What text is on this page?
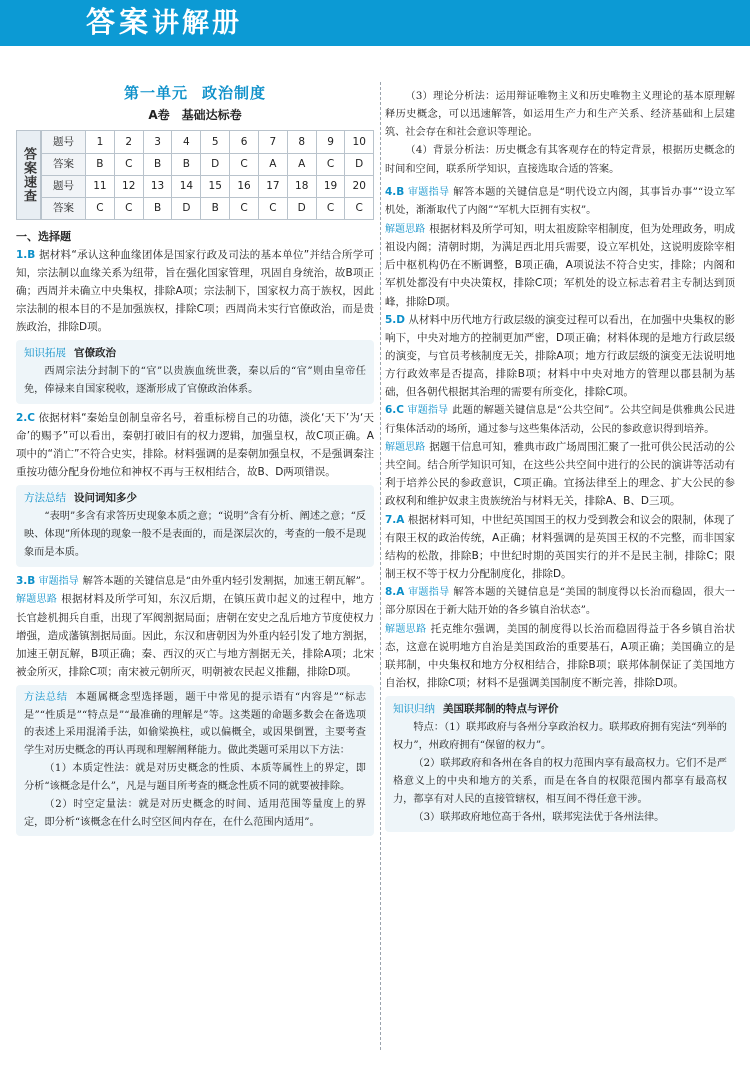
答案讲解册
第一单元 政治制度
A卷 基础达标卷
答案速查
题号	1	2	3	4	5	6	7	8	9	10
答案	B	C	B	B	D	C	A	A	C	D
题号	11	12	13	14	15	16	17	18	19	20
答案	C	C	B	D	B	C	C	D	C	C
一、选择题

1.B 据材料“承认这种血缘团体是国家行政及司法的基本单位”并结合所学可知，宗法制以血缘关系为纽带，旨在强化国家管理，巩固自身统治，故B项正确；西周并未确立中央集权，排除A项；宗法制下，国家权力高于族权，因此宗法制的根本目的不是加强族权，排除C项；西周尚未实行官僚政治，而是贵族政治，排除D项。

知识拓展 官僚政治

西周宗法分封制下的“官”以贵族血统世袭，秦以后的“官”则由皇帝任免，俸禄来自国家税收，逐渐形成了官僚政治体系。

2.C 依据材料“秦始皇创制皇帝名号，着重标榜自己的功德，淡化‘天下’为‘天命’的赐予”可以看出，秦朝打破旧有的权力逻辑，加强皇权，故C项正确。A项中的“消亡”不符合史实，排除。材料强调的是秦朝加强皇权，不是强调秦注重按功德分配身份地位和神权不再与王权相结合，故B、D两项错误。

方法总结 设问词知多少

“表明”多含有求答历史现象本质之意；“说明”含有分析、阐述之意；“反映、体现”所体现的现象一般不是表面的，而是深层次的，考查的一般不是现象而是本质。

3.B 审题指导 解答本题的关键信息是“由外重内轻引发割据，加速王朝瓦解”。

解题思路 根据材料及所学可知，东汉后期，在镇压黄巾起义的过程中，地方长官趁机拥兵自重，出现了军阀割据局面；唐朝在安史之乱后地方节度使权力增强，造成藩镇割据局面。因此，东汉和唐朝因为外重内轻引发了地方割据，加速王朝瓦解，B项正确；秦、西汉的灭亡与地方割据无关，排除A项；北宋被金所灭，排除C项；南宋被元朝所灭，明朝被农民起义推翻，排除D项。

方法总结 本题属概念型选择题，题干中常见的提示语有“内容是”“标志是”“性质是”“特点是”“最准确的理解是”等。这类题的命题多数会在备选项的表述上采用混淆手法，如偷梁换柱，或以偏概全，或因果倒置，主要考查学生对历史概念的再认再现和理解阐释能力。做此类题可采用以下方法：

（1）本质定性法：就是对历史概念的性质、本质等属性上的界定，即分析“该概念是什么”，凡是与题目所考查的概念性质不同的就要被排除。

（2）时空定量法：就是对历史概念的时间、适用范围等量度上的界定，即分析“该概念在什么时空区间内存在，在什么范围内适用”。

（3）理论分析法：运用辩证唯物主义和历史唯物主义理论的基本原理解释历史概念，可以迅速解答，如运用生产力和生产关系、经济基础和上层建筑、社会存在和社会意识等理论。

（4）背景分析法：历史概念有其客观存在的特定背景，根据历史概念的时间和空间，联系所学知识，直接选取合适的答案。

4.B 审题指导 解答本题的关键信息是“明代设立内阁，其事旨办事”“设立军机处，渐渐取代了内阁”“军机大臣拥有实权”。

解题思路 根据材料及所学可知，明太祖废除宰相制度，但为处理政务，明成祖设内阁；清朝时期，为满足西北用兵需要，设立军机处，这说明废除宰相后中枢机构仍在不断调整，B项正确，A项说法不符合史实，排除；内阁和军机处都没有中央决策权，排除C项；军机处的设立标志着君主专制达到顶峰，排除D项。

5.D 从材料中历代地方行政层级的演变过程可以看出，在加强中央集权的影响下，中央对地方的控制更加严密，D项正确；材料体现的是地方行政层级的演变，与官员考核制度无关，排除A项；地方行政层级的演变无法说明地方行政效率是否提高，排除B项；材料中中央对地方的管理以郡县制为基础，但各朝代根据其治理的需要有所变化，排除C项。

6.C 审题指导 此题的解题关键信息是“公共空间”。公共空间是供雅典公民进行集体活动的场所，通过参与这些集体活动，公民的参政意识得到培养。

解题思路 据题干信息可知，雅典市政广场周围汇聚了一批可供公民活动的公共空间。结合所学知识可知，在这些公共空间中进行的公民的演讲等活动有利于培养公民的参政意识，C项正确。宜扬法律至上的理念、扩大公民的参政权利和维护奴隶主贵族统治与材料无关，排除A、B、D三项。

7.A 根据材料可知，中世纪英国国王的权力受到教会和议会的限制，体现了有限王权的政治传统，A正确；材料强调的是英国王权的不完整，而非国家结构的松散，排除B；中世纪时期的英国实行的并不是民主制，排除C；限制王权不等于权力分配制度化，排除D。

8.A 审题指导 解答本题的关键信息是“美国的制度得以长治而稳固，很大一部分原因在于新大陆开始的各乡镇自治状态”。

解题思路 托克维尔强调，美国的制度得以长治而稳固得益于各乡镇自治状态，这意在说明地方自治是美国政治的重要基石，A项正确；美国确立的是联邦制，中央集权和地方分权相结合，排除B项；联邦体制保证了美国地方自治权，排除C项；材料不是强调美国制度不断完善，排除D项。

知识归纳 美国联邦制的特点与评价

特点：（1）联邦政府与各州分享政治权力。联邦政府拥有宪法“列举的权力”，州政府拥有“保留的权力”。

（2）联邦政府和各州在各自的权力范围内享有最高权力。它们不是严格意义上的中央和地方的关系，而是在各自的权限范围内都享有最高权力，都享有对人民的直接管辖权，相互间不得任意干涉。

（3）联邦政府地位高于各州，联邦宪法优于各州法律。
